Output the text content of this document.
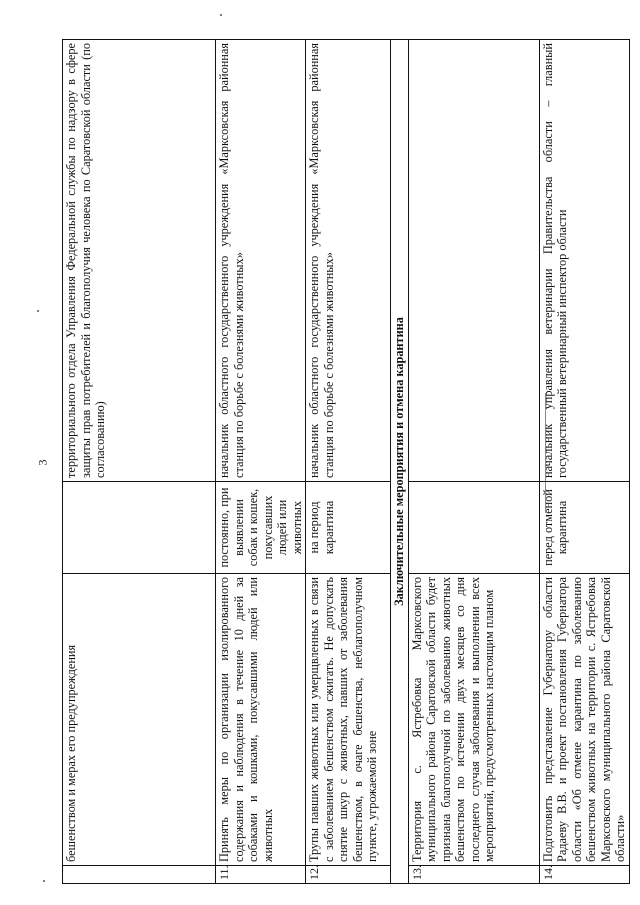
3
	бешенством и мерах его предупреждения		территориального отдела Управления Федеральной службы по надзору в сфере защиты прав потребителей и благополучия человека по Саратовской области (по согласованию)
11.	Принять меры по организации изолированного содержания и наблюдения в течение 10 дней за собаками и кошками, покусавшими людей или животных	постоянно, при выявлении собак и кошек, покусавших людей или животных	начальник областного государственного учреждения «Марксовская районная станция по борьбе с болезнями животных»
12.	Трупы павших животных или умерщвленных в связи с заболеванием бешенством сжигать. Не допускать снятие шкур с животных, павших от заболевания бешенством, в очаге бешенства, неблагополучном пункте, угрожаемой зоне	на период карантина	начальник областного государственного учреждения «Марксовская районная станция по борьбе с болезнями животных»
Заключительные мероприятия и отмена карантина			
13.	Территория с. Ястребовка Марксовского муниципального района Саратовской области будет признана благополучной по заболеванию животных бешенством по истечении двух месяцев со дня последнего случая заболевания и выполнении всех мероприятий, предусмотренных настоящим планом		
14.	Подготовить представление Губернатору области Радаеву В.В. и проект постановления Губернатора области «Об отмене карантина по заболеванию бешенством животных на территории с. Ястребовка Марксовского муниципального района Саратовской области»	перед отменой карантина	начальник управления ветеринарии Правительства области – главный государственный ветеринарный инспектор области
